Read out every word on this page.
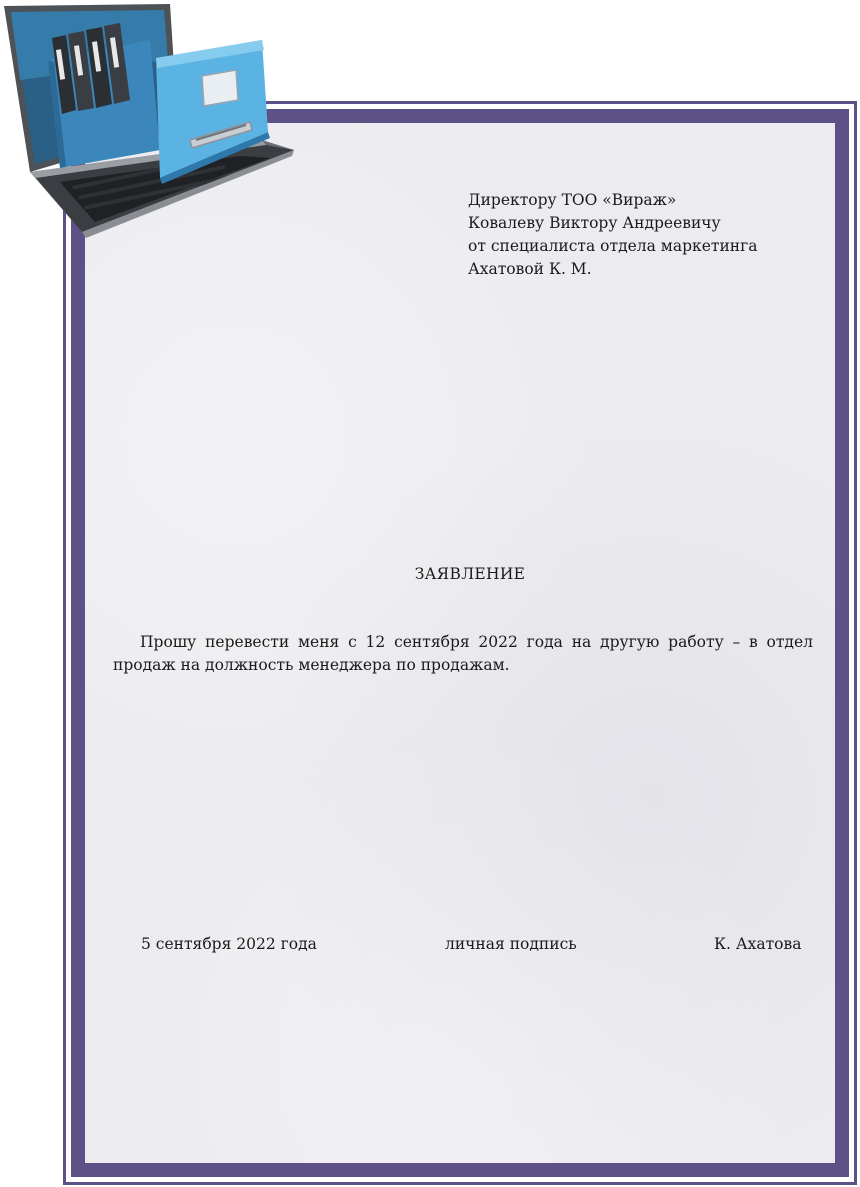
Директору ТОО «Вираж»
Ковалеву Виктору Андреевичу
от специалиста отдела маркетинга
Ахатовой К. М.
ЗАЯВЛЕНИЕ
Прошу перевести меня с 12 сентября 2022 года на другую работу – в отдел продаж на должность менеджера по продажам.
5 сентября 2022 года	личная подпись	К. Ахатова
